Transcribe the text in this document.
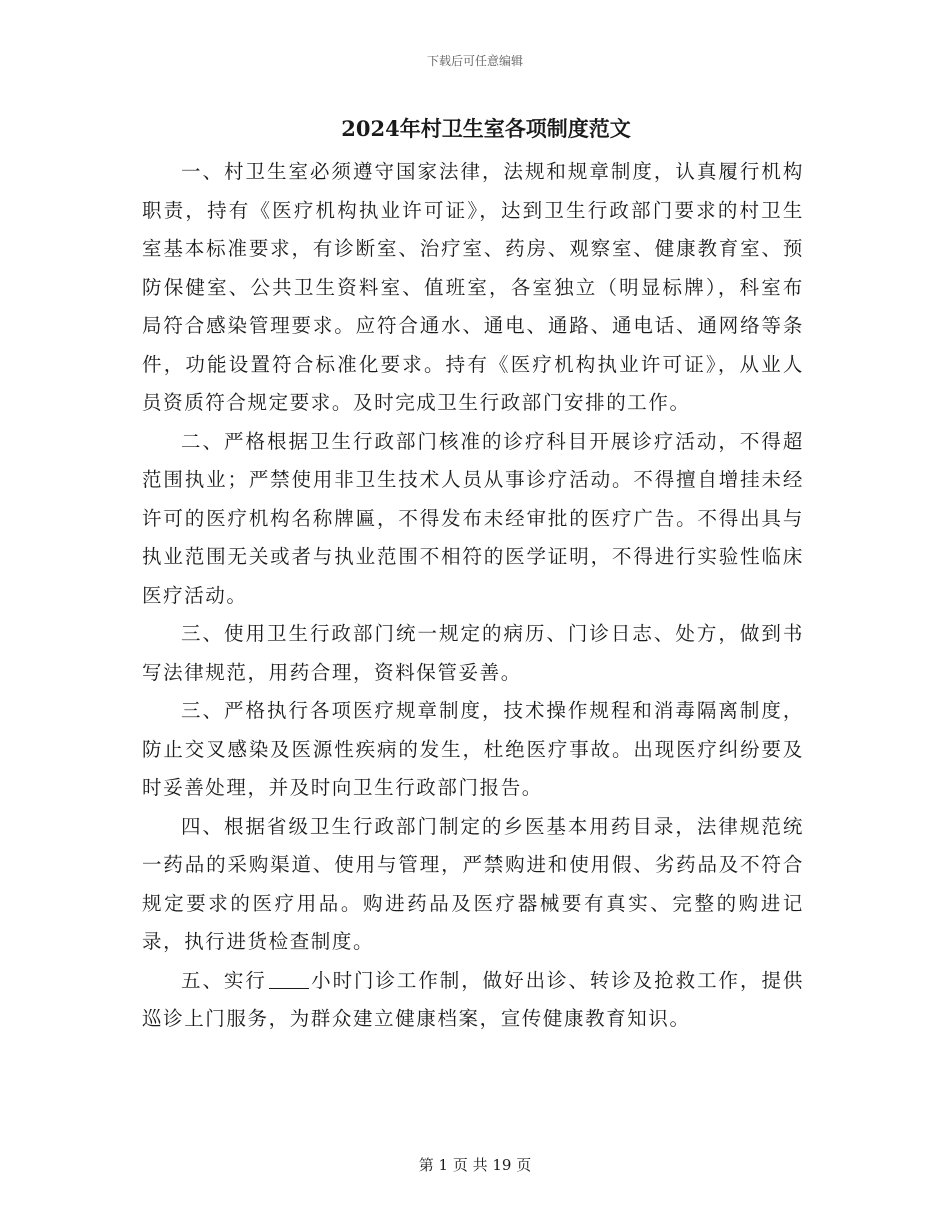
下载后可任意编辑
2024年村卫生室各项制度范文

一、村卫生室必须遵守国家法律，法规和规章制度，认真履行机构职责，持有《医疗机构执业许可证》，达到卫生行政部门要求的村卫生室基本标准要求，有诊断室、治疗室、药房、观察室、健康教育室、预防保健室、公共卫生资料室、值班室，各室独立（明显标牌），科室布局符合感染管理要求。应符合通水、通电、通路、通电话、通网络等条件，功能设置符合标准化要求。持有《医疗机构执业许可证》，从业人员资质符合规定要求。及时完成卫生行政部门安排的工作。

二、严格根据卫生行政部门核准的诊疗科目开展诊疗活动，不得超范围执业；严禁使用非卫生技术人员从事诊疗活动。不得擅自增挂未经许可的医疗机构名称牌匾，不得发布未经审批的医疗广告。不得出具与执业范围无关或者与执业范围不相符的医学证明，不得进行实验性临床医疗活动。

三、使用卫生行政部门统一规定的病历、门诊日志、处方，做到书写法律规范，用药合理，资料保管妥善。

三、严格执行各项医疗规章制度，技术操作规程和消毒隔离制度，防止交叉感染及医源性疾病的发生，杜绝医疗事故。出现医疗纠纷要及时妥善处理，并及时向卫生行政部门报告。

四、根据省级卫生行政部门制定的乡医基本用药目录，法律规范统一药品的采购渠道、使用与管理，严禁购进和使用假、劣药品及不符合规定要求的医疗用品。购进药品及医疗器械要有真实、完整的购进记录，执行进货检查制度。

五、实行 小时门诊工作制，做好出诊、转诊及抢救工作，提供巡诊上门服务，为群众建立健康档案，宣传健康教育知识。

第 1 页 共 19 页
